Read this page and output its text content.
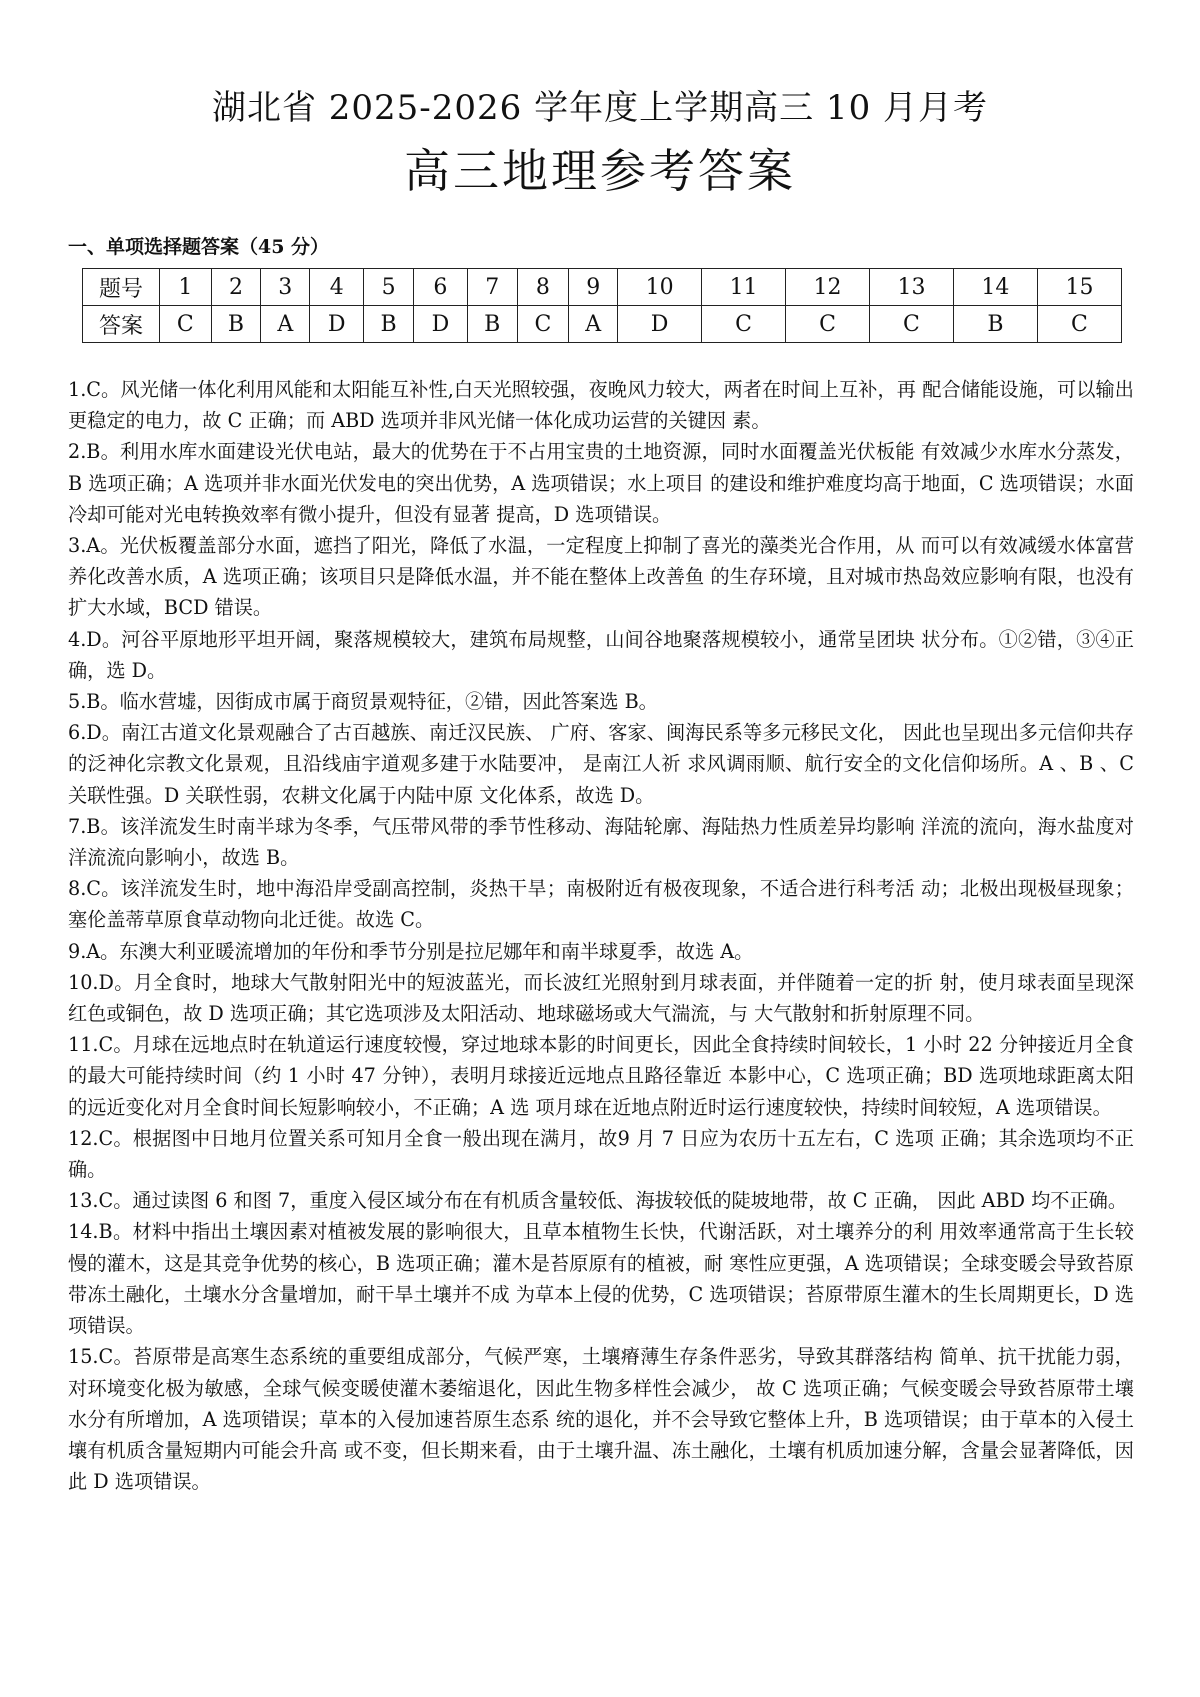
湖北省 2025-2026 学年度上学期高三 10 月月考
高三地理参考答案
一、单项选择题答案（45 分）
题号	1	2	3	4	5	6	7	8	9	10	11	12	13	14	15
答案	C	B	A	D	B	D	B	C	A	D	C	C	C	B	C

1.C。风光储一体化利用风能和太阳能互补性,白天光照较强，夜晚风力较大，两者在时间上互补，再 配合储能设施，可以输出更稳定的电力，故 C 正确；而 ABD 选项并非风光储一体化成功运营的关键因 素。

2.B。利用水库水面建设光伏电站，最大的优势在于不占用宝贵的土地资源，同时水面覆盖光伏板能 有效减少水库水分蒸发，B 选项正确；A 选项并非水面光伏发电的突出优势，A 选项错误；水上项目 的建设和维护难度均高于地面，C 选项错误；水面冷却可能对光电转换效率有微小提升，但没有显著 提高，D 选项错误。

3.A。光伏板覆盖部分水面，遮挡了阳光，降低了水温，一定程度上抑制了喜光的藻类光合作用，从 而可以有效减缓水体富营养化改善水质，A 选项正确；该项目只是降低水温，并不能在整体上改善鱼 的生存环境，且对城市热岛效应影响有限，也没有扩大水域，BCD 错误。

4.D。河谷平原地形平坦开阔，聚落规模较大，建筑布局规整，山间谷地聚落规模较小，通常呈团块 状分布。①②错，③④正确，选 D。

5.B。临水营墟，因街成市属于商贸景观特征，②错，因此答案选 B。

6.D。南江古道文化景观融合了古百越族、南迁汉民族、 广府、客家、闽海民系等多元移民文化， 因此也呈现出多元信仰共存的泛神化宗教文化景观，且沿线庙宇道观多建于水陆要冲， 是南江人祈 求风调雨顺、航行安全的文化信仰场所。A 、B 、C 关联性强。D 关联性弱，农耕文化属于内陆中原 文化体系，故选 D。

7.B。该洋流发生时南半球为冬季，气压带风带的季节性移动、海陆轮廓、海陆热力性质差异均影响 洋流的流向，海水盐度对洋流流向影响小，故选 B。

8.C。该洋流发生时，地中海沿岸受副高控制，炎热干旱；南极附近有极夜现象，不适合进行科考活 动；北极出现极昼现象；塞伦盖蒂草原食草动物向北迁徙。故选 C。

9.A。东澳大利亚暖流增加的年份和季节分别是拉尼娜年和南半球夏季，故选 A。

10.D。月全食时，地球大气散射阳光中的短波蓝光，而长波红光照射到月球表面，并伴随着一定的折 射，使月球表面呈现深红色或铜色，故 D 选项正确；其它选项涉及太阳活动、地球磁场或大气湍流，与 大气散射和折射原理不同。

11.C。月球在远地点时在轨道运行速度较慢，穿过地球本影的时间更长，因此全食持续时间较长，1 小时 22 分钟接近月全食的最大可能持续时间（约 1 小时 47 分钟），表明月球接近远地点且路径靠近 本影中心，C 选项正确；BD 选项地球距离太阳的远近变化对月全食时间长短影响较小，不正确；A 选 项月球在近地点附近时运行速度较快，持续时间较短，A 选项错误。

12.C。根据图中日地月位置关系可知月全食一般出现在满月，故9 月 7 日应为农历十五左右，C 选项 正确；其余选项均不正确。

13.C。通过读图 6 和图 7，重度入侵区域分布在有机质含量较低、海拔较低的陡坡地带，故 C 正确， 因此 ABD 均不正确。

14.B。材料中指出土壤因素对植被发展的影响很大，且草本植物生长快，代谢活跃，对土壤养分的利 用效率通常高于生长较慢的灌木，这是其竞争优势的核心，B 选项正确；灌木是苔原原有的植被，耐 寒性应更强，A 选项错误；全球变暖会导致苔原带冻土融化，土壤水分含量增加，耐干旱土壤并不成 为草本上侵的优势，C 选项错误；苔原带原生灌木的生长周期更长，D 选项错误。

15.C。苔原带是高寒生态系统的重要组成部分，气候严寒，土壤瘠薄生存条件恶劣，导致其群落结构 简单、抗干扰能力弱，对环境变化极为敏感，全球气候变暖使灌木萎缩退化，因此生物多样性会减少， 故 C 选项正确；气候变暖会导致苔原带土壤水分有所增加，A 选项错误；草本的入侵加速苔原生态系 统的退化，并不会导致它整体上升，B 选项错误；由于草本的入侵土壤有机质含量短期内可能会升高 或不变，但长期来看，由于土壤升温、冻土融化，土壤有机质加速分解，含量会显著降低，因此 D 选项错误。
